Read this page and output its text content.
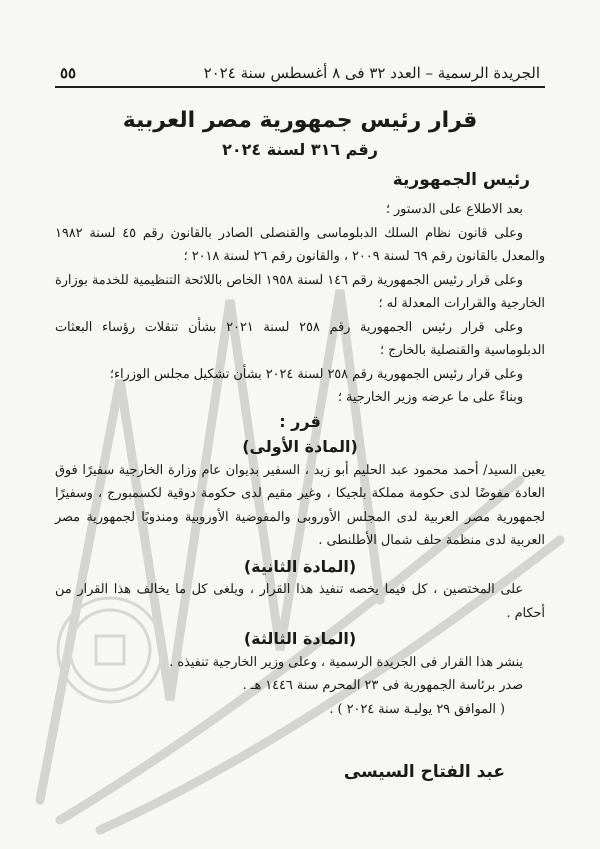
الجريدة الرسمية – العدد ٣٢ فى ٨ أغسطس سنة ٢٠٢٤
٥٥
قرار رئيس جمهورية مصر العربية
رقم ٣١٦ لسنة ٢٠٢٤
رئيس الجمهورية

بعد الاطلاع على الدستور ؛

وعلى قانون نظام السلك الدبلوماسى والقنصلى الصادر بالقانون رقم ٤٥ لسنة ١٩٨٢ والمعدل بالقانون رقم ٦٩ لسنة ٢٠٠٩ ، والقانون رقم ٢٦ لسنة ٢٠١٨ ؛

وعلى قرار رئيس الجمهورية رقم ١٤٦ لسنة ١٩٥٨ الخاص باللائحة التنظيمية للخدمة بوزارة الخارجية والقرارات المعدلة له ؛

وعلى قرار رئيس الجمهورية رقم ٢٥٨ لسنة ٢٠٢١ بشأن تنقلات رؤساء البعثات الدبلوماسية والقنصلية بالخارج ؛

وعلى قرار رئيس الجمهورية رقم ٢٥٨ لسنة ٢٠٢٤ بشأن تشكيل مجلس الوزراء؛

وبناءً على ما عرضه وزير الخارجية ؛

قرر :

(المادة الأولى)

يعين السيد/ أحمد محمود عبد الحليم أبو زيد ، السفير بديوان عام وزارة الخارجية سفيرًا فوق العادة مفوضًا لدى حكومة مملكة بلجيكا ، وغير مقيم لدى حكومة دوقية لكسمبورج ، وسفيرًا لجمهورية مصر العربية لدى المجلس الأوروبى والمفوضية الأوروبية ومندوبًا لجمهورية مصر العربية لدى منظمة حلف شمال الأطلنطى .

(المادة الثانية)

على المختصين ، كل فيما يخصه تنفيذ هذا القرار ، ويلغى كل ما يخالف هذا القرار من أحكام .

(المادة الثالثة)

ينشر هذا القرار فى الجريدة الرسمية ، وعلى وزير الخارجية تنفيذه .

صدر برئاسة الجمهورية فى ٢٣ المحرم سنة ١٤٤٦ هـ .

( الموافق ٢٩ يوليـة سنة ٢٠٢٤ ) .

عبد الفتاح السيسى
